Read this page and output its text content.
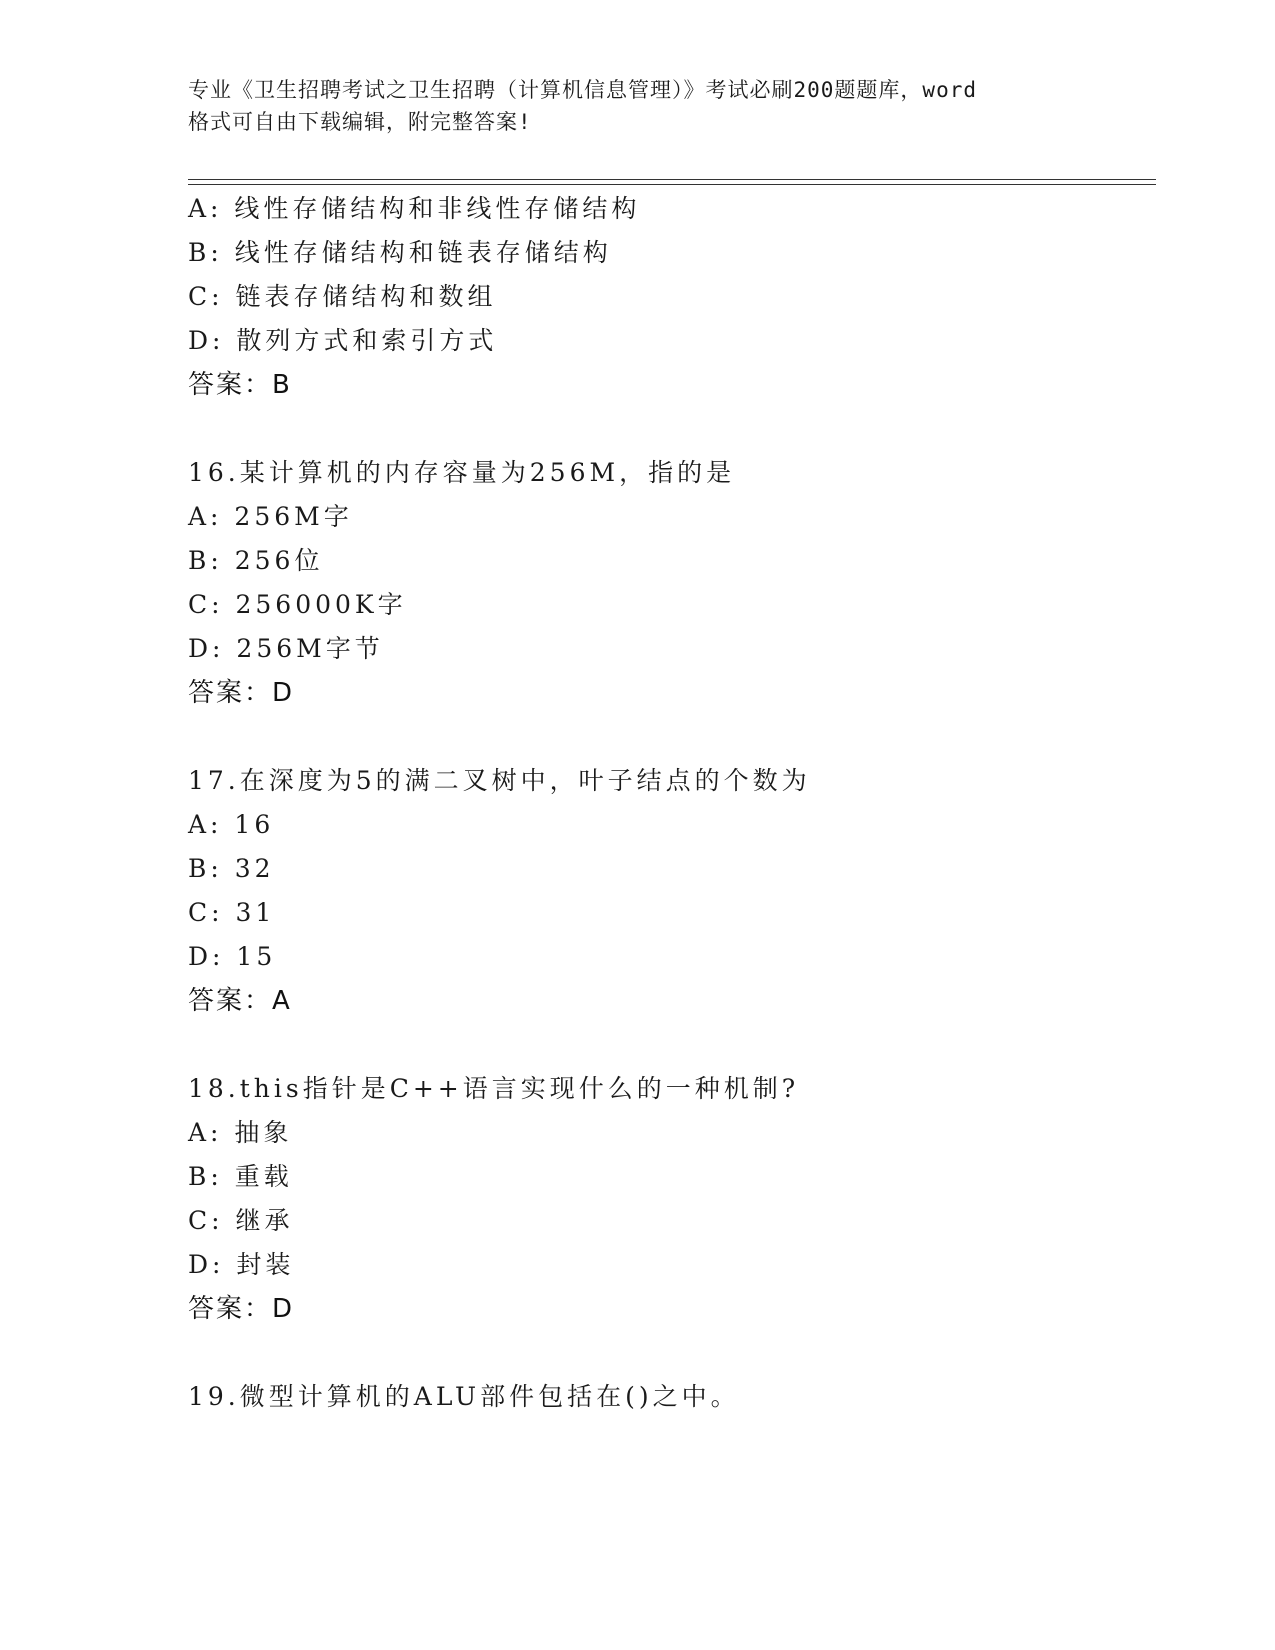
专业《卫生招聘考试之卫生招聘（计算机信息管理）》考试必刷200题题库，word
格式可自由下载编辑，附完整答案!
A: 线性存储结构和非线性存储结构
B: 线性存储结构和链表存储结构
C: 链表存储结构和数组
D: 散列方式和索引方式
答案：B
16.某计算机的内存容量为256M，指的是
A: 256M字
B: 256位
C: 256000K字
D: 256M字节
答案：D
17.在深度为5的满二叉树中，叶子结点的个数为
A: 16
B: 32
C: 31
D: 15
答案：A
18.this指针是C++语言实现什么的一种机制?
A: 抽象
B: 重载
C: 继承
D: 封装
答案：D
19.微型计算机的ALU部件包括在()之中。
